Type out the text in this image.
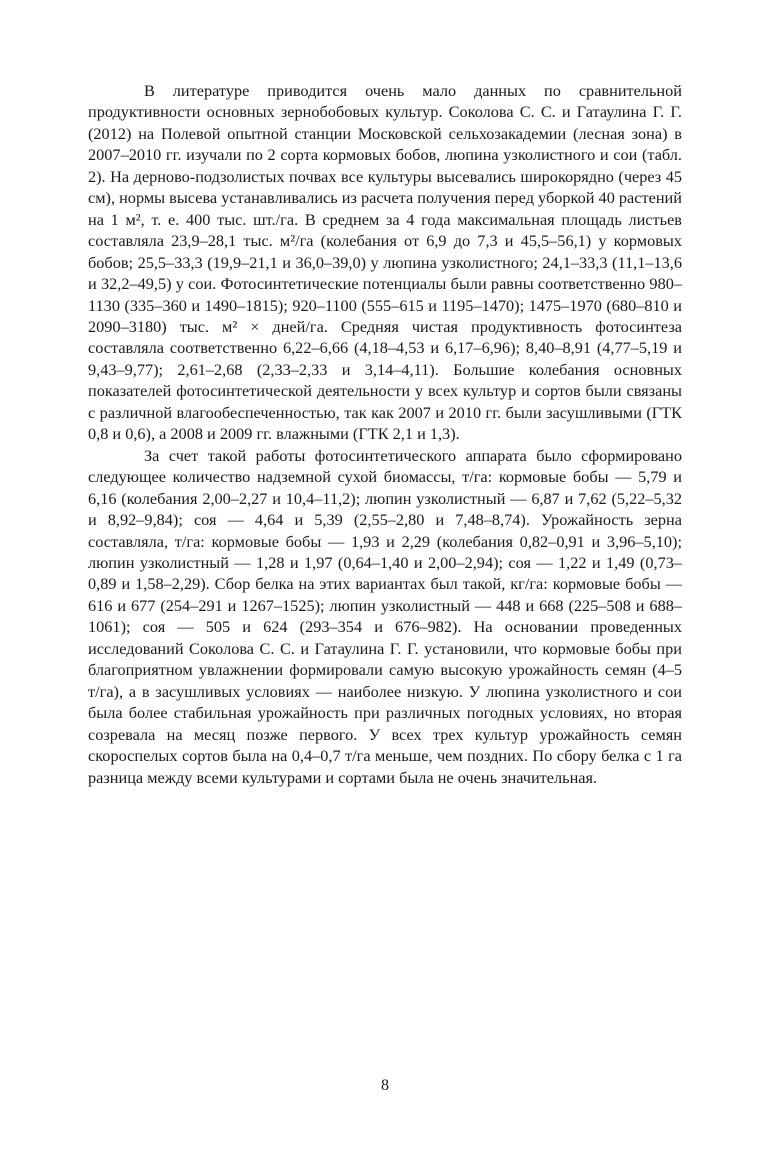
В литературе приводится очень мало данных по сравнительной продуктивности основных зернобобовых культур. Соколова С. С. и Гатаулина Г. Г. (2012) на Полевой опытной станции Московской сельхозакадемии (лесная зона) в 2007–2010 гг. изучали по 2 сорта кормовых бобов, люпина узколистного и сои (табл. 2). На дерново-подзолистых почвах все культуры высевались широкорядно (через 45 см), нормы высева устанавливались из расчета получения перед уборкой 40 растений на 1 м², т. е. 400 тыс. шт./га. В среднем за 4 года максимальная площадь листьев составляла 23,9–28,1 тыс. м²/га (колебания от 6,9 до 7,3 и 45,5–56,1) у кормовых бобов; 25,5–33,3 (19,9–21,1 и 36,0–39,0) у люпина узколистного; 24,1–33,3 (11,1–13,6 и 32,2–49,5) у сои. Фотосинтетические потенциалы были равны соответственно 980–1130 (335–360 и 1490–1815); 920–1100 (555–615 и 1195–1470); 1475–1970 (680–810 и 2090–3180) тыс. м² × дней/га. Средняя чистая продуктивность фотосинтеза составляла соответственно 6,22–6,66 (4,18–4,53 и 6,17–6,96); 8,40–8,91 (4,77–5,19 и 9,43–9,77); 2,61–2,68 (2,33–2,33 и 3,14–4,11). Большие колебания основных показателей фотосинтетической деятельности у всех культур и сортов были связаны с различной влагообеспеченностью, так как 2007 и 2010 гг. были засушливыми (ГТК 0,8 и 0,6), а 2008 и 2009 гг. влажными (ГТК 2,1 и 1,3).

За счет такой работы фотосинтетического аппарата было сформировано следующее количество надземной сухой биомассы, т/га: кормовые бобы — 5,79 и 6,16 (колебания 2,00–2,27 и 10,4–11,2); люпин узколистный — 6,87 и 7,62 (5,22–5,32 и 8,92–9,84); соя — 4,64 и 5,39 (2,55–2,80 и 7,48–8,74). Урожайность зерна составляла, т/га: кормовые бобы — 1,93 и 2,29 (колебания 0,82–0,91 и 3,96–5,10); люпин узколистный — 1,28 и 1,97 (0,64–1,40 и 2,00–2,94); соя — 1,22 и 1,49 (0,73–0,89 и 1,58–2,29). Сбор белка на этих вариантах был такой, кг/га: кормовые бобы — 616 и 677 (254–291 и 1267–1525); люпин узколистный — 448 и 668 (225–508 и 688–1061); соя — 505 и 624 (293–354 и 676–982). На основании проведенных исследований Соколова С. С. и Гатаулина Г. Г. установили, что кормовые бобы при благоприятном увлажнении формировали самую высокую урожайность семян (4–5 т/га), а в засушливых условиях — наиболее низкую. У люпина узколистного и сои была более стабильная урожайность при различных погодных условиях, но вторая созревала на месяц позже первого. У всех трех культур урожайность семян скороспелых сортов была на 0,4–0,7 т/га меньше, чем поздних. По сбору белка с 1 га разница между всеми культурами и сортами была не очень значительная.

8
